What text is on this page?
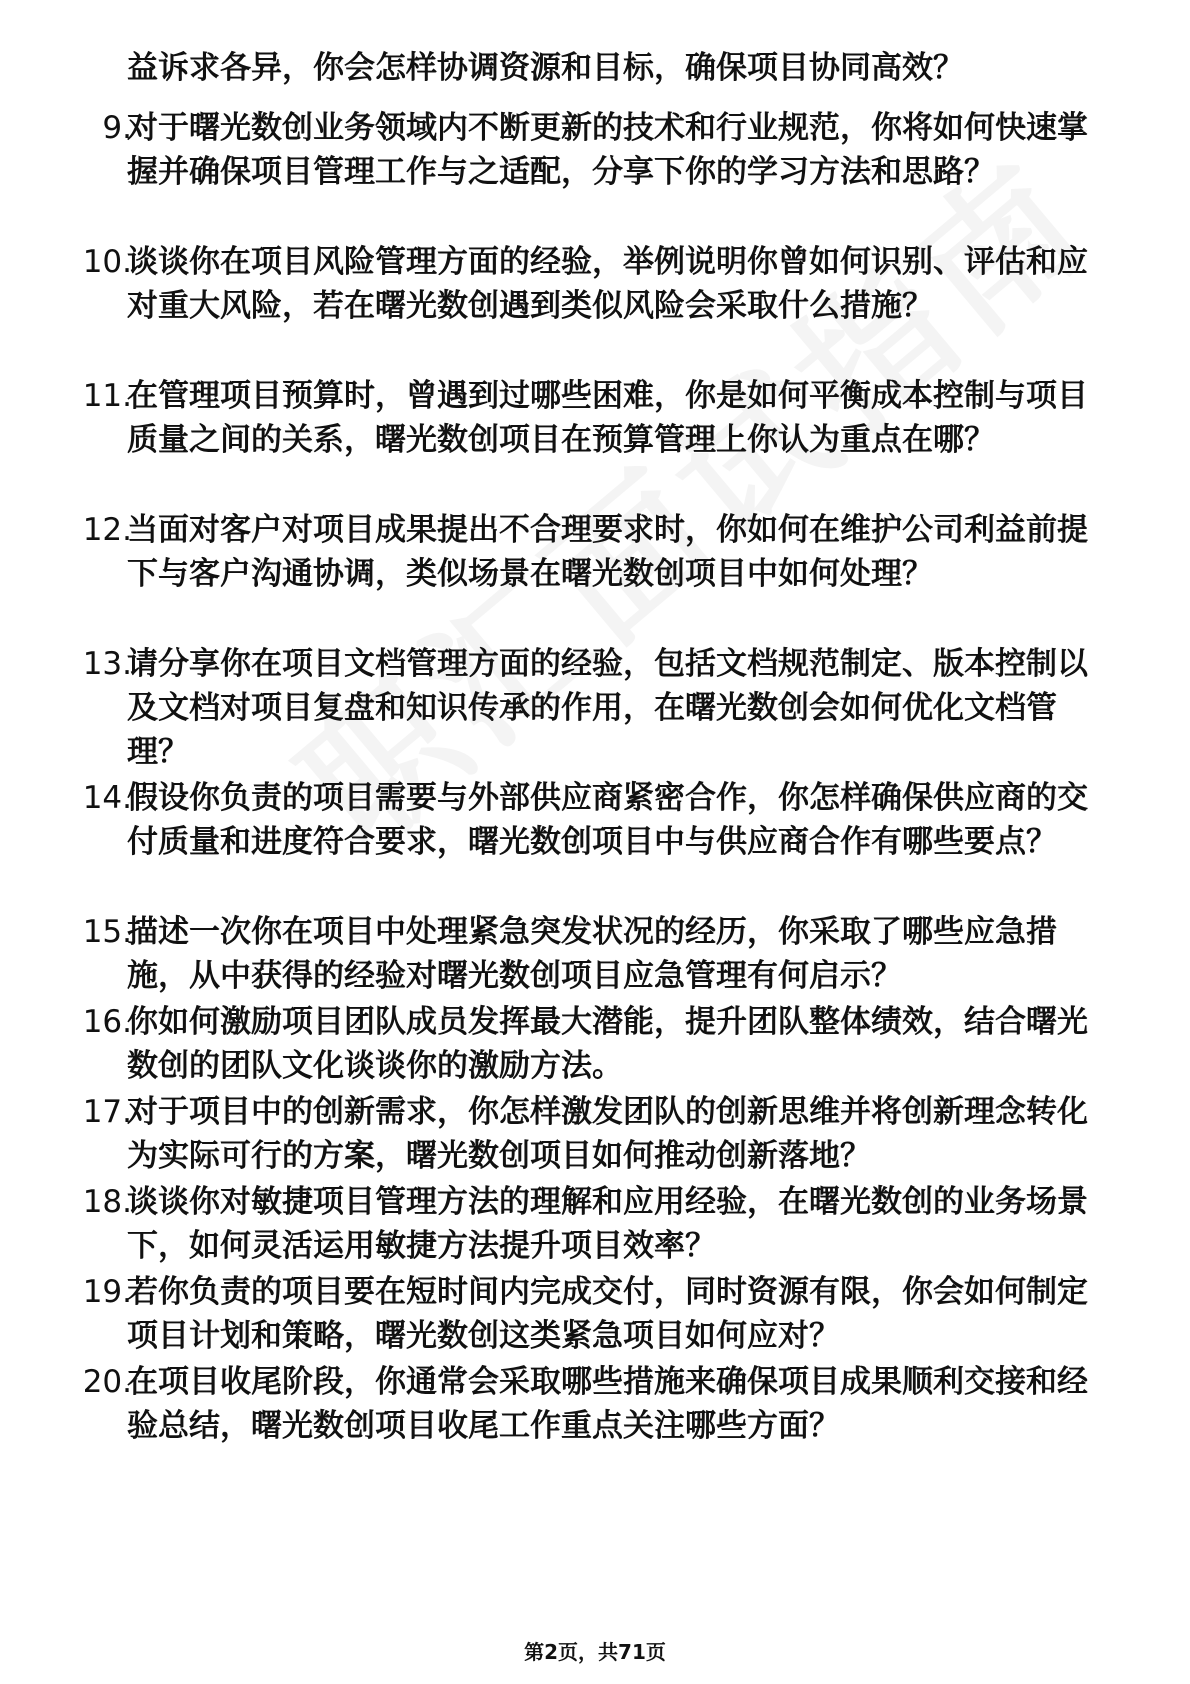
益诉求各异，你会怎样协调资源和目标，确保项目协同高效？
9.
对于曙光数创业务领域内不断更新的技术和行业规范，你将如何快速掌握并确保项目管理工作与之适配，分享下你的学习方法和思路？
10.
谈谈你在项目风险管理方面的经验，举例说明你曾如何识别、评估和应对重大风险，若在曙光数创遇到类似风险会采取什么措施？
11.
在管理项目预算时，曾遇到过哪些困难，你是如何平衡成本控制与项目质量之间的关系，曙光数创项目在预算管理上你认为重点在哪？
12.
当面对客户对项目成果提出不合理要求时，你如何在维护公司利益前提下与客户沟通协调，类似场景在曙光数创项目中如何处理？
13.
请分享你在项目文档管理方面的经验，包括文档规范制定、版本控制以及文档对项目复盘和知识传承的作用，在曙光数创会如何优化文档管理？
14.
假设你负责的项目需要与外部供应商紧密合作，你怎样确保供应商的交付质量和进度符合要求，曙光数创项目中与供应商合作有哪些要点？
15.
描述一次你在项目中处理紧急突发状况的经历，你采取了哪些应急措施，从中获得的经验对曙光数创项目应急管理有何启示？
16.
你如何激励项目团队成员发挥最大潜能，提升团队整体绩效，结合曙光数创的团队文化谈谈你的激励方法。
17.
对于项目中的创新需求，你怎样激发团队的创新思维并将创新理念转化为实际可行的方案，曙光数创项目如何推动创新落地？
18.
谈谈你对敏捷项目管理方法的理解和应用经验，在曙光数创的业务场景下，如何灵活运用敏捷方法提升项目效率？
19.
若你负责的项目要在短时间内完成交付，同时资源有限，你会如何制定项目计划和策略，曙光数创这类紧急项目如何应对？
20.
在项目收尾阶段，你通常会采取哪些措施来确保项目成果顺利交接和经验总结，曙光数创项目收尾工作重点关注哪些方面？
第2页，共71页
